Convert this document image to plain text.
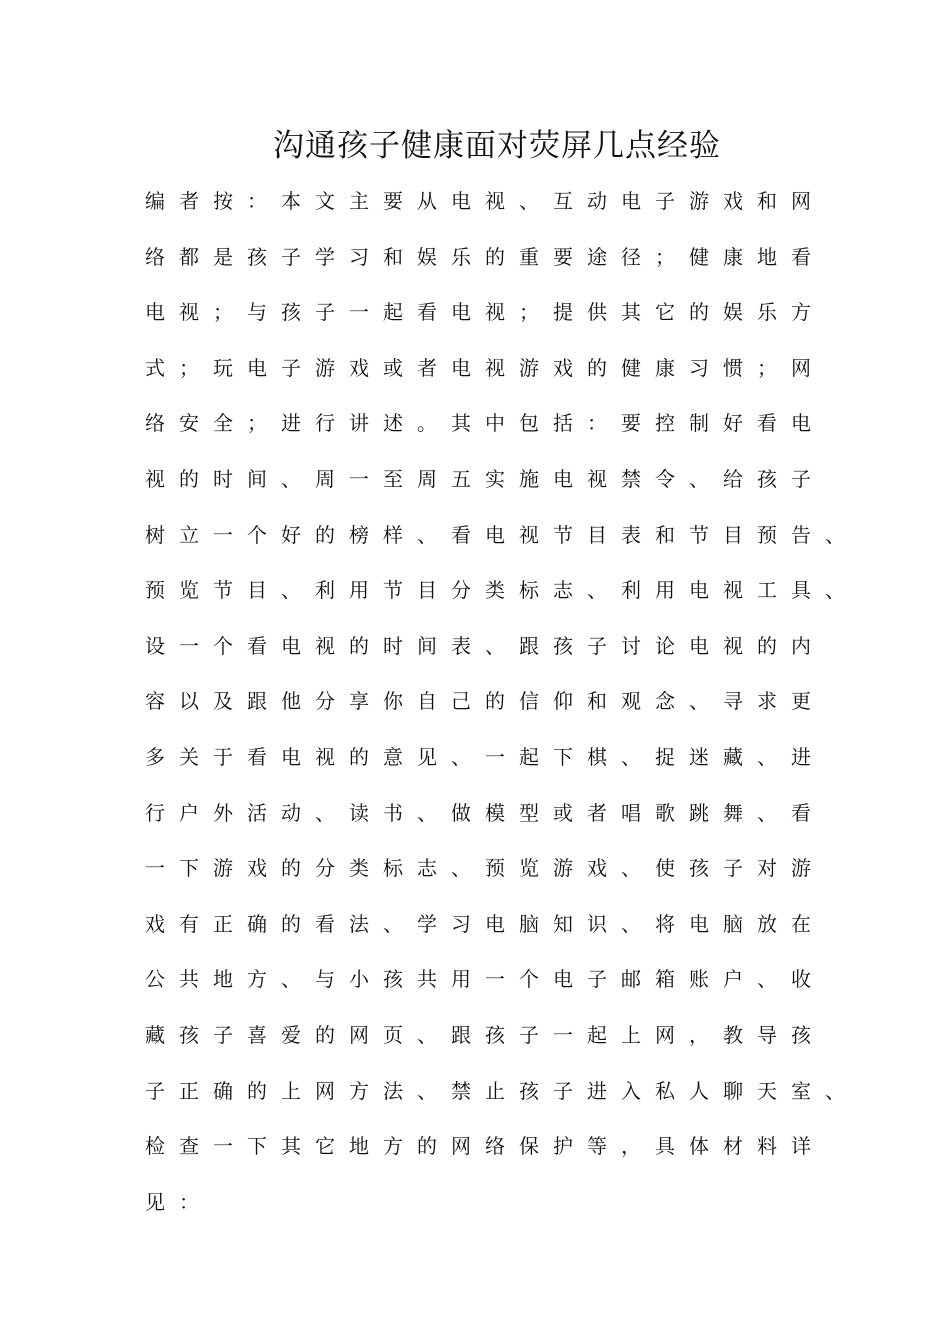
沟通孩子健康面对荧屏几点经验
编者按：本文主要从电视、互动电子游戏和网
络都是孩子学习和娱乐的重要途径；健康地看
电视；与孩子一起看电视；提供其它的娱乐方
式；玩电子游戏或者电视游戏的健康习惯；网
络安全；进行讲述。其中包括：要控制好看电
视的时间、周一至周五实施电视禁令、给孩子
树立一个好的榜样、看电视节目表和节目预告、
预览节目、利用节目分类标志、利用电视工具、
设一个看电视的时间表、跟孩子讨论电视的内
容以及跟他分享你自己的信仰和观念、寻求更
多关于看电视的意见、一起下棋、捉迷藏、进
行户外活动、读书、做模型或者唱歌跳舞、看
一下游戏的分类标志、预览游戏、使孩子对游
戏有正确的看法、学习电脑知识、将电脑放在
公共地方、与小孩共用一个电子邮箱账户、收
藏孩子喜爱的网页、跟孩子一起上网，教导孩
子正确的上网方法、禁止孩子进入私人聊天室、
检查一下其它地方的网络保护等，具体材料详
见：
